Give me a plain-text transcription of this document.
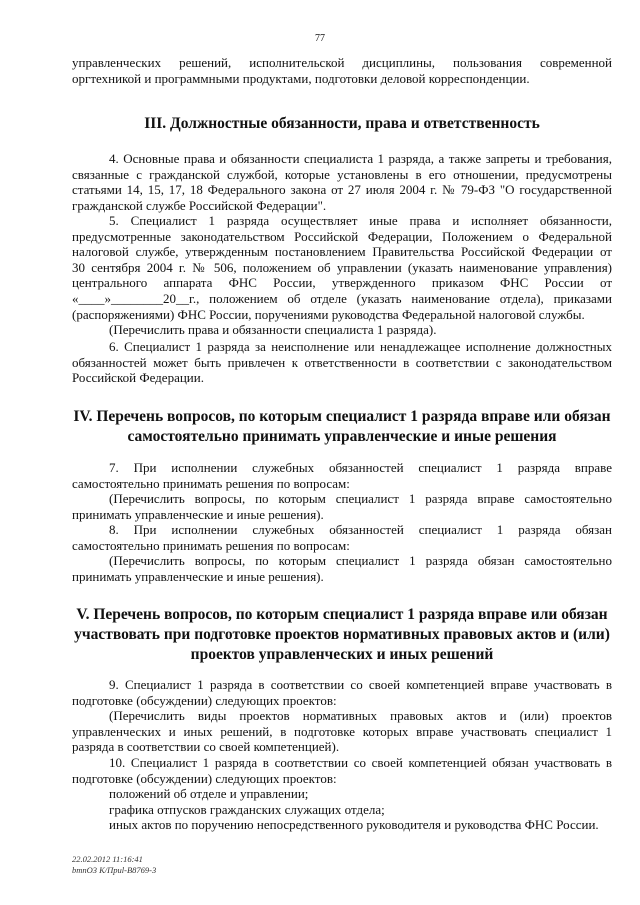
77
управленческих решений, исполнительской дисциплины, пользования современной
оргтехникой и программными продуктами, подготовки деловой корреспонденции.
III. Должностные обязанности, права и ответственность
4. Основные права и обязанности специалиста 1 разряда, а также запреты и требования,
связанные с гражданской службой, которые установлены в его отношении, предусмотрены
статьями 14, 15, 17, 18 Федерального закона от 27 июля 2004 г. № 79-ФЗ "О государственной
гражданской службе Российской Федерации".
5. Специалист 1 разряда осуществляет иные права и исполняет обязанности,
предусмотренные законодательством Российской Федерации, Положением о Федеральной
налоговой службе, утвержденным постановлением Правительства Российской Федерации от
30 сентября 2004 г. № 506, положением об управлении (указать наименование управления)
центрального аппарата ФНС России, утвержденного приказом ФНС России от
«____»________20__г., положением об отделе (указать наименование отдела), приказами
(распоряжениями) ФНС России, поручениями руководства Федеральной налоговой службы.
(Перечислить права и обязанности специалиста 1 разряда).
6. Специалист 1 разряда за неисполнение или ненадлежащее исполнение должностных
обязанностей может быть привлечен к ответственности в соответствии с законодательством
Российской Федерации.
IV. Перечень вопросов, по которым специалист 1 разряда вправе или обязан
самостоятельно принимать управленческие и иные решения
7. При исполнении служебных обязанностей специалист 1 разряда вправе
самостоятельно принимать решения по вопросам:
(Перечислить вопросы, по которым специалист 1 разряда вправе самостоятельно
принимать управленческие и иные решения).
8. При исполнении служебных обязанностей специалист 1 разряда обязан
самостоятельно принимать решения по вопросам:
(Перечислить вопросы, по которым специалист 1 разряда обязан самостоятельно
принимать управленческие и иные решения).
V. Перечень вопросов, по которым специалист 1 разряда вправе или обязан
участвовать при подготовке проектов нормативных правовых актов и (или)
проектов управленческих и иных решений
9. Специалист 1 разряда в соответствии со своей компетенцией вправе участвовать в
подготовке (обсуждении) следующих проектов:
(Перечислить виды проектов нормативных правовых актов и (или) проектов
управленческих и иных решений, в подготовке которых вправе участвовать специалист 1
разряда в соответствии со своей компетенцией).
10. Специалист 1 разряда в соответствии со своей компетенцией обязан участвовать в
подготовке (обсуждении) следующих проектов:
положений об отделе и управлении;
графика отпусков гражданских служащих отдела;
иных актов по поручению непосредственного руководителя и руководства ФНС России.
22.02.2012 11:16:41
bmnO3 К/Приl-B8769-3
